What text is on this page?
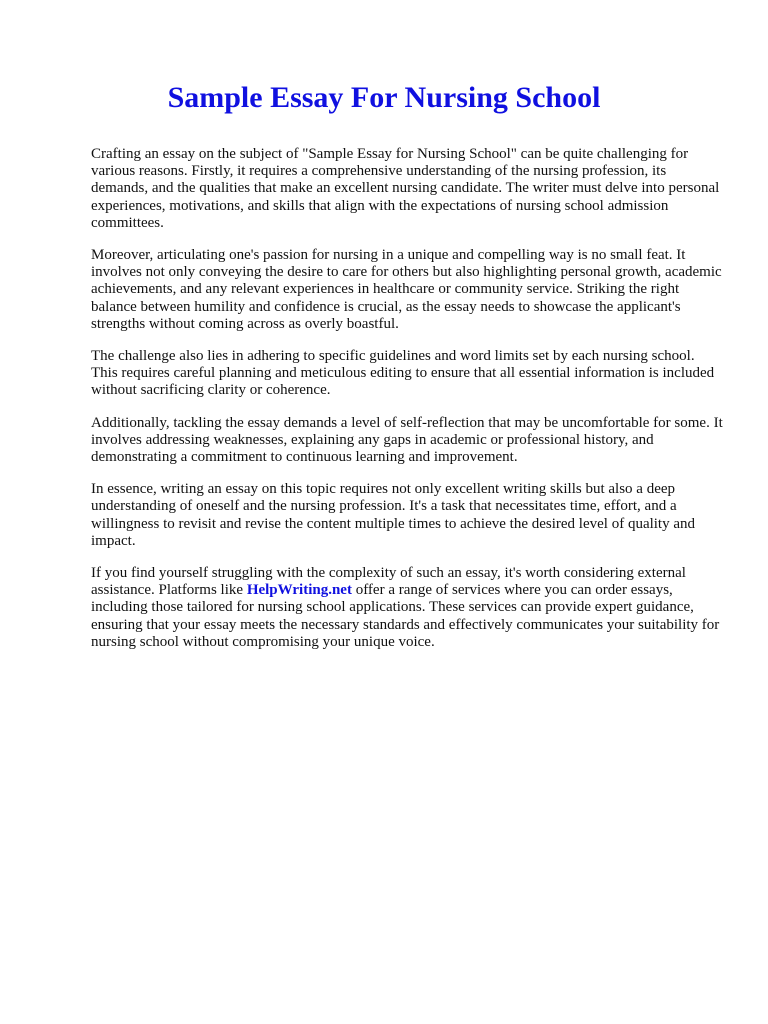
Sample Essay For Nursing School

Crafting an essay on the subject of "Sample Essay for Nursing School" can be quite challenging for various reasons. Firstly, it requires a comprehensive understanding of the nursing profession, its demands, and the qualities that make an excellent nursing candidate. The writer must delve into personal experiences, motivations, and skills that align with the expectations of nursing school admission committees.

Moreover, articulating one's passion for nursing in a unique and compelling way is no small feat. It involves not only conveying the desire to care for others but also highlighting personal growth, academic achievements, and any relevant experiences in healthcare or community service. Striking the right balance between humility and confidence is crucial, as the essay needs to showcase the applicant's strengths without coming across as overly boastful.

The challenge also lies in adhering to specific guidelines and word limits set by each nursing school. This requires careful planning and meticulous editing to ensure that all essential information is included without sacrificing clarity or coherence.

Additionally, tackling the essay demands a level of self-reflection that may be uncomfortable for some. It involves addressing weaknesses, explaining any gaps in academic or professional history, and demonstrating a commitment to continuous learning and improvement.

In essence, writing an essay on this topic requires not only excellent writing skills but also a deep understanding of oneself and the nursing profession. It's a task that necessitates time, effort, and a willingness to revisit and revise the content multiple times to achieve the desired level of quality and impact.

If you find yourself struggling with the complexity of such an essay, it's worth considering external assistance. Platforms like HelpWriting.net offer a range of services where you can order essays, including those tailored for nursing school applications. These services can provide expert guidance, ensuring that your essay meets the necessary standards and effectively communicates your suitability for nursing school without compromising your unique voice.
